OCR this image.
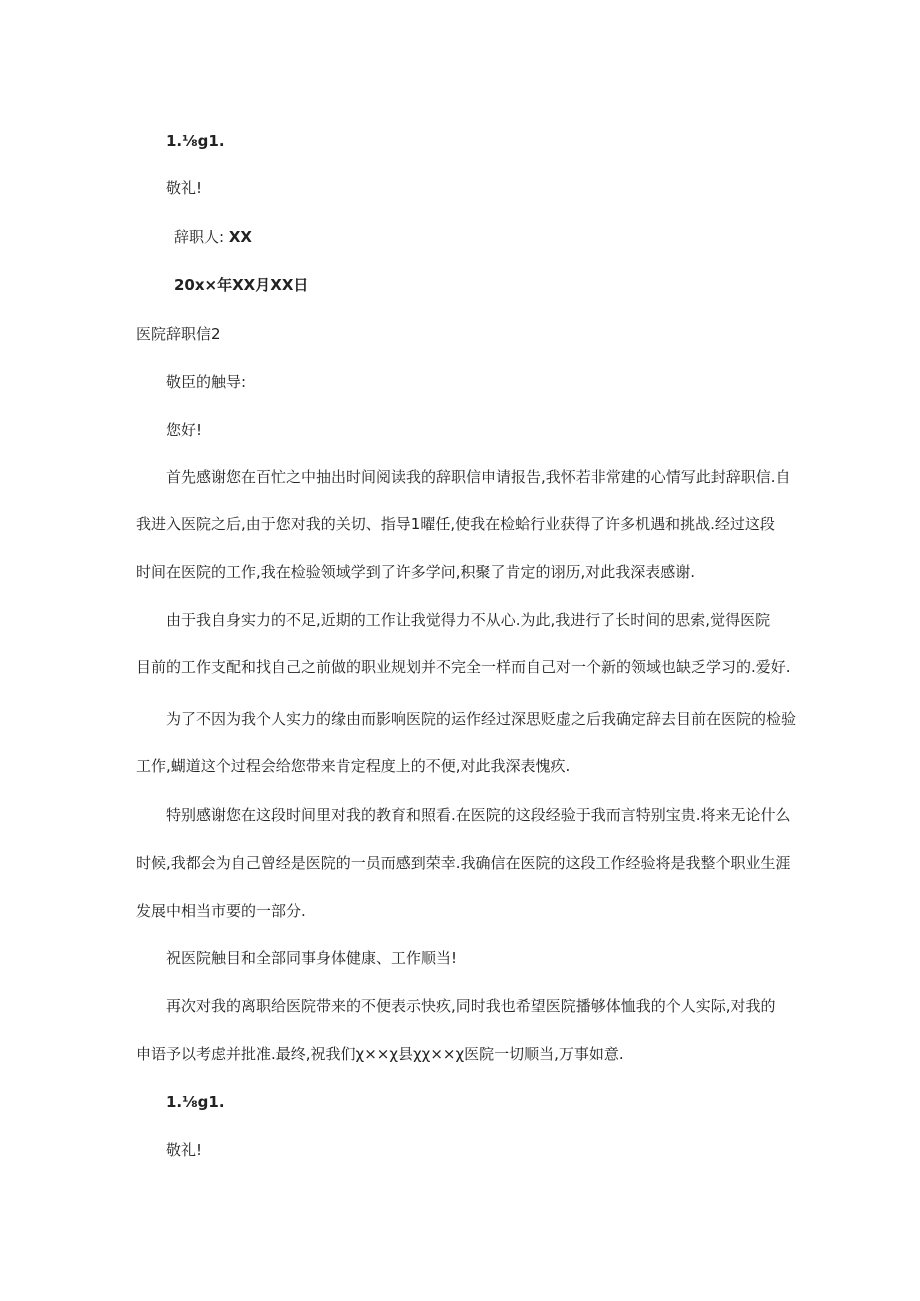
1.⅛g1.
敬礼!
辞职人: XX
20x×年XX月XX日
医院辞职信2
敬臣的触导:
您好!
首先感谢您在百忙之中抽出时间阅读我的辞职信申请报告,我怀若非常建的心情写此封辞职信.自
我进入医院之后,由于您对我的关切、指导1曜任,使我在检蛤行业获得了许多机遇和挑战.经过这段
时间在医院的工作,我在检验领域学到了许多学问,积聚了肯定的诩历,对此我深表感谢.
由于我自身实力的不足,近期的工作让我觉得力不从心.为此,我进行了长时间的思索,觉得医院
目前的工作支配和找自己之前做的职业规划并不完全一样而自己对一个新的领域也缺乏学习的.爱好.
为了不因为我个人实力的缘由而影响医院的运作经过深思贬虚之后我确定辞去目前在医院的检验
工作,蝴道这个过程会给您带来肯定程度上的不便,对此我深表愧疚.
特别感谢您在这段时间里对我的教育和照看.在医院的这段经验于我而言特别宝贵.将来无论什么
时候,我都会为自己曾经是医院的一员而感到荣幸.我确信在医院的这段工作经验将是我整个职业生涯
发展中相当市要的一部分.
祝医院触目和全部同事身体健康、工作顺当!
再次对我的离职给医院带来的不便表示快疚,同时我也希望医院播够体恤我的个人实际,对我的
申语予以考虑并批准.最终,祝我们χ××χ县χχ××χ医院一切顺当,万事如意.
1.⅛g1.
敬礼!
